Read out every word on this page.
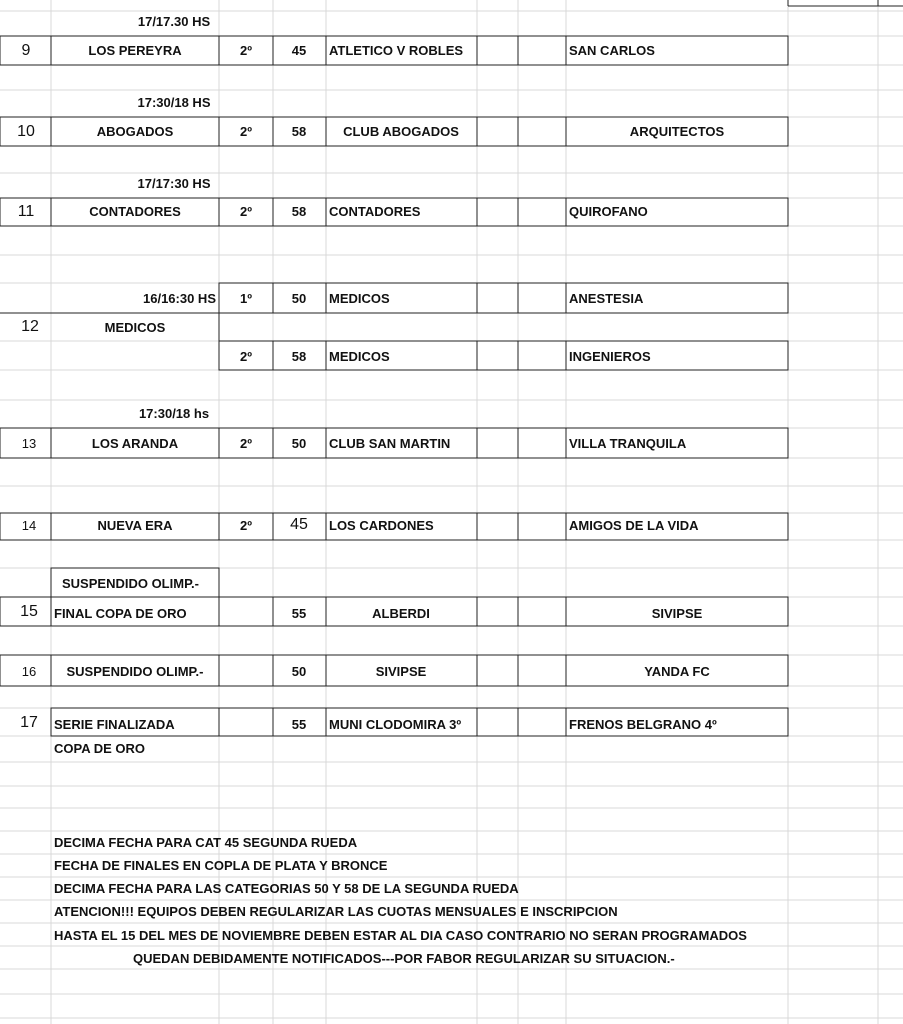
17/17.30 HS
9	LOS PEREYRA	2º	45 ATLETICO V ROBLES	SAN CARLOS
17:30/18 HS
10	ABOGADOS	2º	58	CLUB ABOGADOS	ARQUITECTOS
17/17:30 HS
11	CONTADORES	2º	58 CONTADORES	QUIROFANO
16/16:30 HS 1º	50 MEDICOS	ANESTESIA
12	MEDICOS
2º	58 MEDICOS	INGENIEROS
17:30/18 hs
13	LOS ARANDA	2º	50 CLUB SAN MARTIN	VILLA TRANQUILA
14	NUEVA ERA	2º 45 LOS CARDONES	AMIGOS DE LA VIDA
SUSPENDIDO OLIMP.-
15 FINAL COPA DE ORO	55	ALBERDI	SIVIPSE
16 SUSPENDIDO OLIMP.-	50	SIVIPSE	YANDA FC
17 SERIE FINALIZADA	55 MUNI CLODOMIRA 3º	FRENOS BELGRANO 4º
COPA DE ORO
DECIMA FECHA PARA CAT 45 SEGUNDA RUEDA
FECHA DE FINALES EN COPLA DE PLATA Y BRONCE
DECIMA FECHA PARA LAS CATEGORIAS 50 Y 58 DE LA SEGUNDA RUEDA
ATENCION!!! EQUIPOS DEBEN REGULARIZAR LAS CUOTAS MENSUALES E INSCRIPCION
HASTA EL 15 DEL MES DE NOVIEMBRE DEBEN ESTAR AL DIA CASO CONTRARIO NO SERAN PROGRAMADOS
QUEDAN DEBIDAMENTE NOTIFICADOS---POR FABOR REGULARIZAR SU SITUACION.-
